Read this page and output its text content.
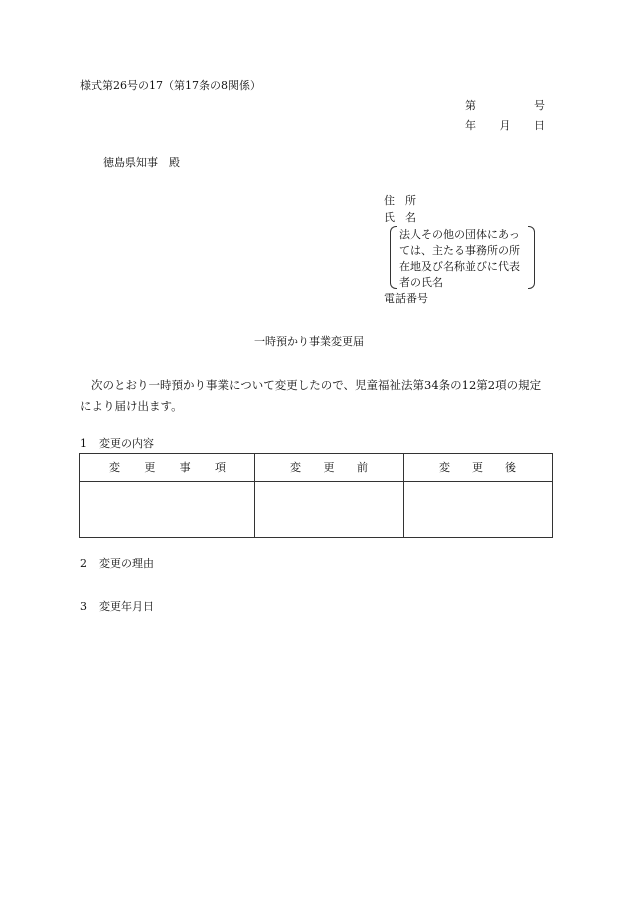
様式第26号の17（第17条の8関係）
第	号
年 月 日
徳島県知事　殿
住 所
氏 名
法人その他の団体にあっ
ては、主たる事務所の所
在地及び名称並びに代表
者の氏名
電話番号
一時預かり事業変更届
次のとおり一時預かり事業について変更したので、児童福祉法第34条の12第2項の規定
により届け出ます。
1 変更の内容
変 更 事 項	変 更 前	変 更 後

2 変更の理由
3 変更年月日
